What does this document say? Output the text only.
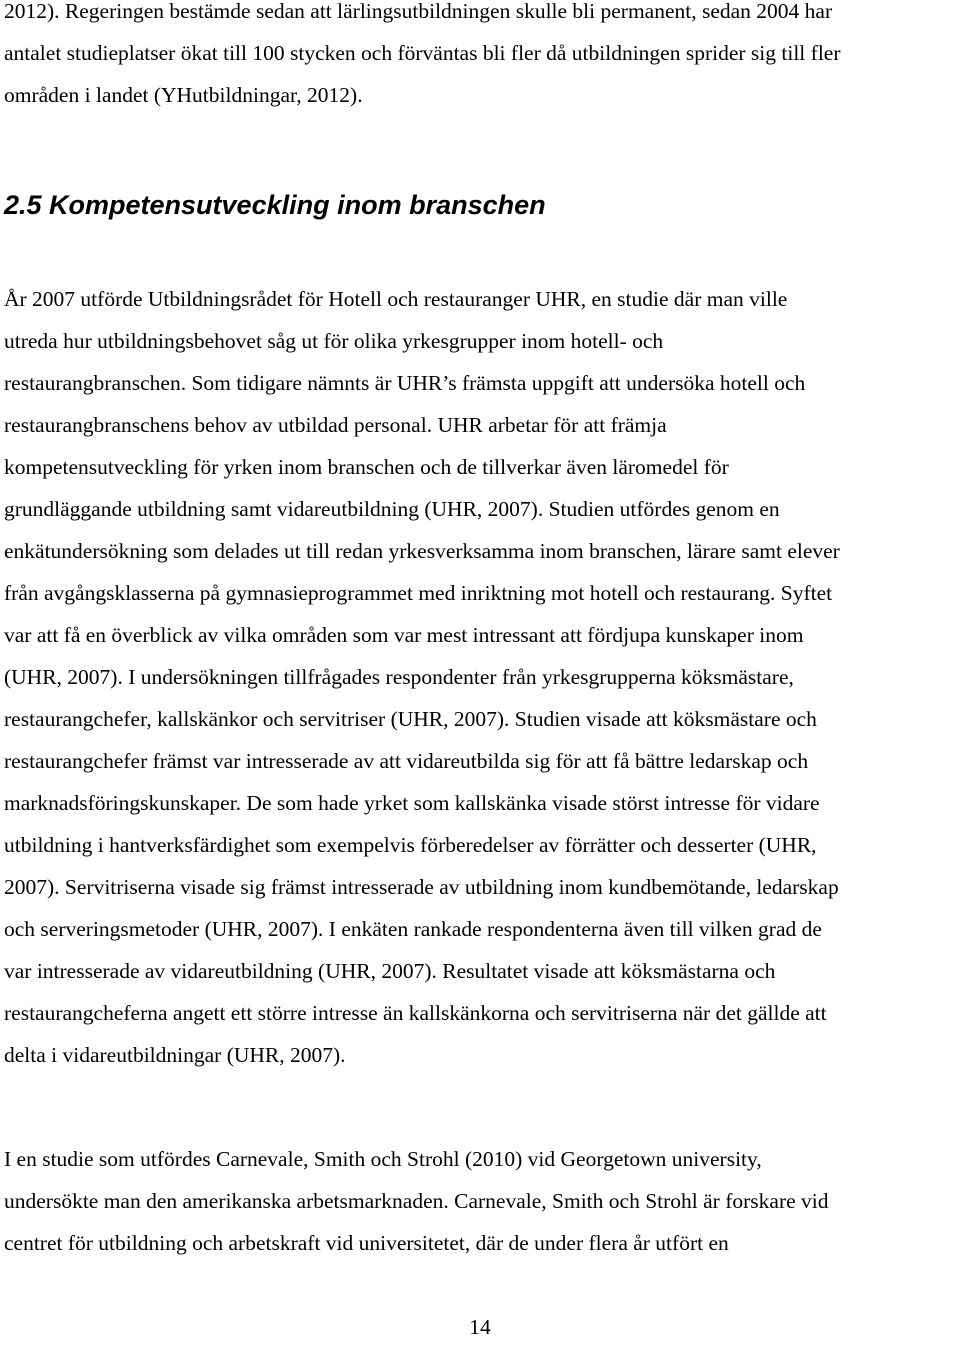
2012). Regeringen bestämde sedan att lärlingsutbildningen skulle bli permanent, sedan 2004 har
antalet studieplatser ökat till 100 stycken och förväntas bli fler då utbildningen sprider sig till fler
områden i landet (YHutbildningar, 2012).

2.5 Kompetensutveckling inom branschen

År 2007 utförde Utbildningsrådet för Hotell och restauranger UHR, en studie där man ville
utreda hur utbildningsbehovet såg ut för olika yrkesgrupper inom hotell- och
restaurangbranschen. Som tidigare nämnts är UHR’s främsta uppgift att undersöka hotell och
restaurangbranschens behov av utbildad personal. UHR arbetar för att främja
kompetensutveckling för yrken inom branschen och de tillverkar även läromedel för
grundläggande utbildning samt vidareutbildning (UHR, 2007). Studien utfördes genom en
enkätundersökning som delades ut till redan yrkesverksamma inom branschen, lärare samt elever
från avgångsklasserna på gymnasieprogrammet med inriktning mot hotell och restaurang. Syftet
var att få en överblick av vilka områden som var mest intressant att fördjupa kunskaper inom
(UHR, 2007). I undersökningen tillfrågades respondenter från yrkesgrupperna köksmästare,
restaurangchefer, kallskänkor och servitriser (UHR, 2007). Studien visade att köksmästare och
restaurangchefer främst var intresserade av att vidareutbilda sig för att få bättre ledarskap och
marknadsföringskunskaper. De som hade yrket som kallskänka visade störst intresse för vidare
utbildning i hantverksfärdighet som exempelvis förberedelser av förrätter och desserter (UHR,
2007). Servitriserna visade sig främst intresserade av utbildning inom kundbemötande, ledarskap
och serveringsmetoder (UHR, 2007). I enkäten rankade respondenterna även till vilken grad de
var intresserade av vidareutbildning (UHR, 2007). Resultatet visade att köksmästarna och
restaurangcheferna angett ett större intresse än kallskänkorna och servitriserna när det gällde att
delta i vidareutbildningar (UHR, 2007).

I en studie som utfördes Carnevale, Smith och Strohl (2010) vid Georgetown university,
undersökte man den amerikanska arbetsmarknaden. Carnevale, Smith och Strohl är forskare vid
centret för utbildning och arbetskraft vid universitetet, där de under flera år utfört en

14
